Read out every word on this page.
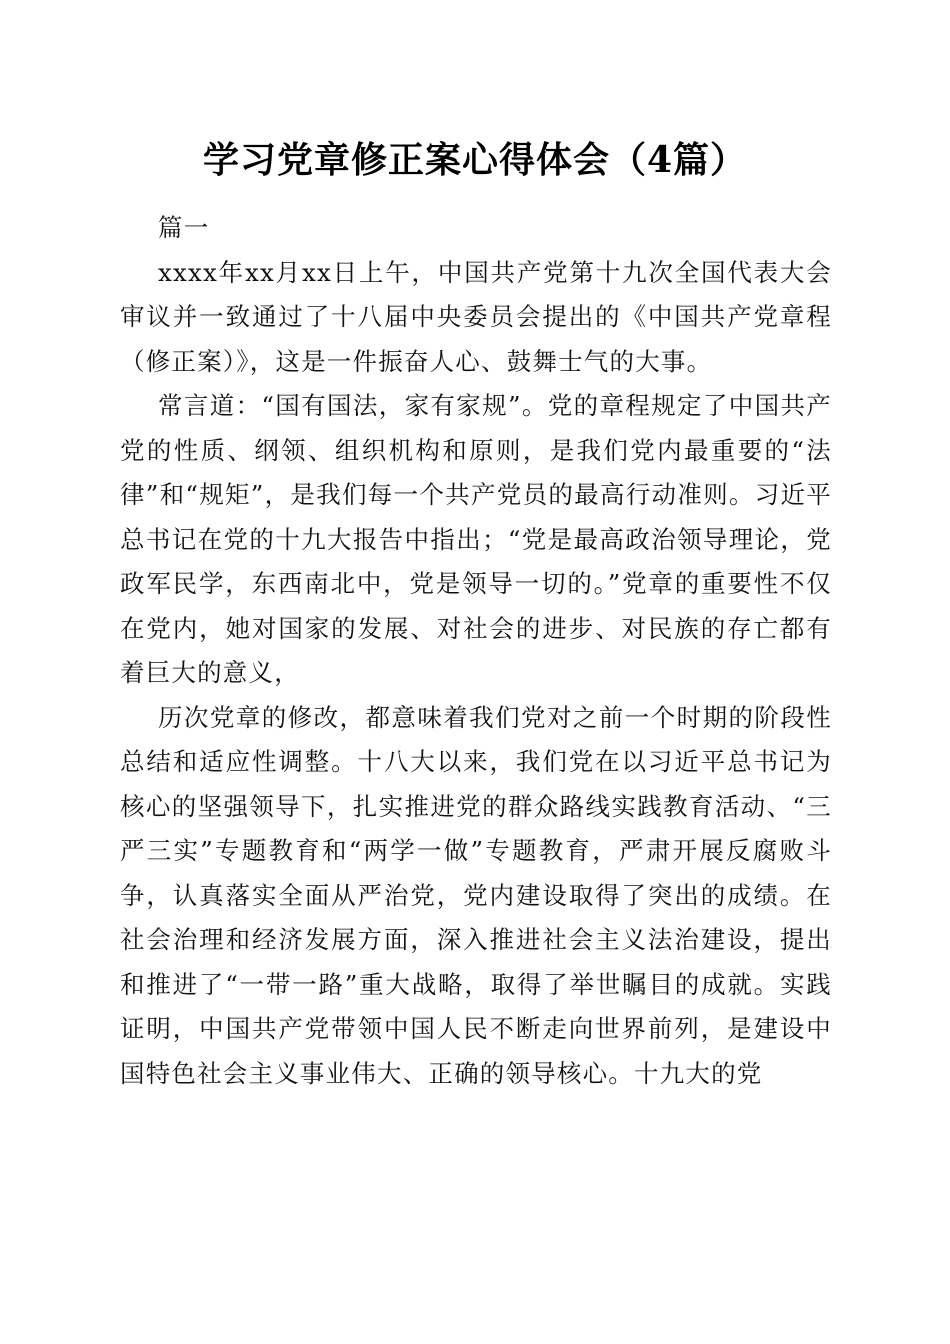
学习党章修正案心得体会（4篇）

篇一

xxxx年xx月xx日上午，中国共产党第十九次全国代表大会审议并一致通过了十八届中央委员会提出的《中国共产党章程（修正案）》，这是一件振奋人心、鼓舞士气的大事。

常言道：“国有国法，家有家规”。党的章程规定了中国共产党的性质、纲领、组织机构和原则，是我们党内最重要的“法律”和“规矩”，是我们每一个共产党员的最高行动准则。习近平总书记在党的十九大报告中指出；“党是最高政治领导理论，党政军民学，东西南北中，党是领导一切的。”党章的重要性不仅在党内，她对国家的发展、对社会的进步、对民族的存亡都有着巨大的意义，

历次党章的修改，都意味着我们党对之前一个时期的阶段性总结和适应性调整。十八大以来，我们党在以习近平总书记为核心的坚强领导下，扎实推进党的群众路线实践教育活动、“三严三实”专题教育和“两学一做”专题教育，严肃开展反腐败斗争，认真落实全面从严治党，党内建设取得了突出的成绩。在社会治理和经济发展方面，深入推进社会主义法治建设，提出和推进了“一带一路”重大战略，取得了举世瞩目的成就。实践证明，中国共产党带领中国人民不断走向世界前列，是建设中国特色社会主义事业伟大、正确的领导核心。十九大的党
